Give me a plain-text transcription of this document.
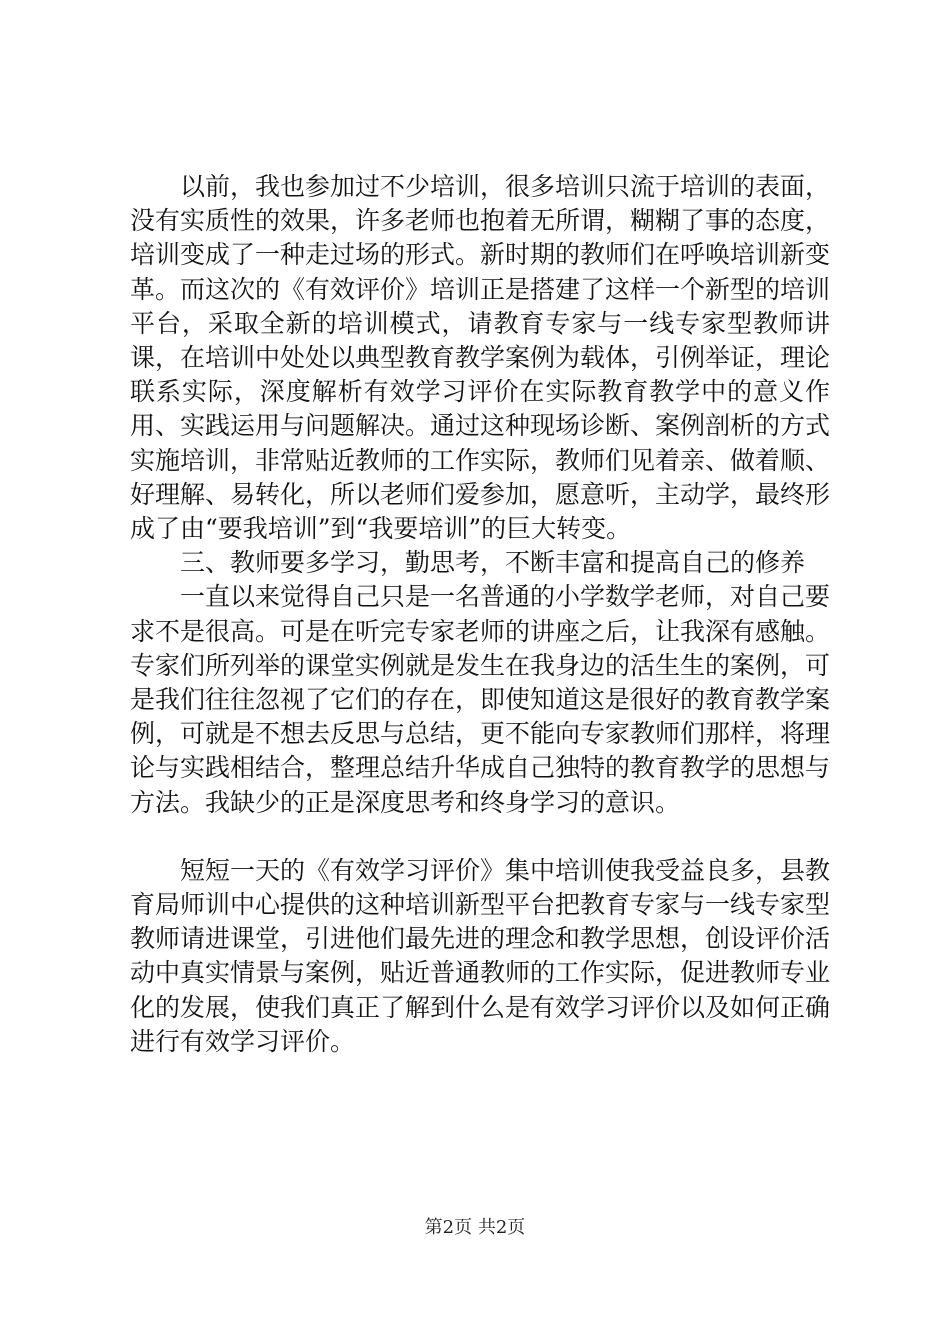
以前，我也参加过不少培训，很多培训只流于培训的表面，没有实质性的效果，许多老师也抱着无所谓，糊糊了事的态度，培训变成了一种走过场的形式。新时期的教师们在呼唤培训新变革。而这次的《有效评价》培训正是搭建了这样一个新型的培训平台，采取全新的培训模式，请教育专家与一线专家型教师讲课，在培训中处处以典型教育教学案例为载体，引例举证，理论联系实际，深度解析有效学习评价在实际教育教学中的意义作用、实践运用与问题解决。通过这种现场诊断、案例剖析的方式实施培训，非常贴近教师的工作实际，教师们见着亲、做着顺、好理解、易转化，所以老师们爱参加，愿意听，主动学，最终形成了由“要我培训”到“我要培训”的巨大转变。

三、教师要多学习，勤思考，不断丰富和提高自己的修养

一直以来觉得自己只是一名普通的小学数学老师，对自己要求不是很高。可是在听完专家老师的讲座之后，让我深有感触。专家们所列举的课堂实例就是发生在我身边的活生生的案例，可是我们往往忽视了它们的存在，即使知道这是很好的教育教学案例，可就是不想去反思与总结，更不能向专家教师们那样，将理论与实践相结合，整理总结升华成自己独特的教育教学的思想与方法。我缺少的正是深度思考和终身学习的意识。

短短一天的《有效学习评价》集中培训使我受益良多，县教育局师训中心提供的这种培训新型平台把教育专家与一线专家型教师请进课堂，引进他们最先进的理念和教学思想，创设评价活动中真实情景与案例，贴近普通教师的工作实际，促进教师专业化的发展，使我们真正了解到什么是有效学习评价以及如何正确进行有效学习评价。

第2页 共2页
